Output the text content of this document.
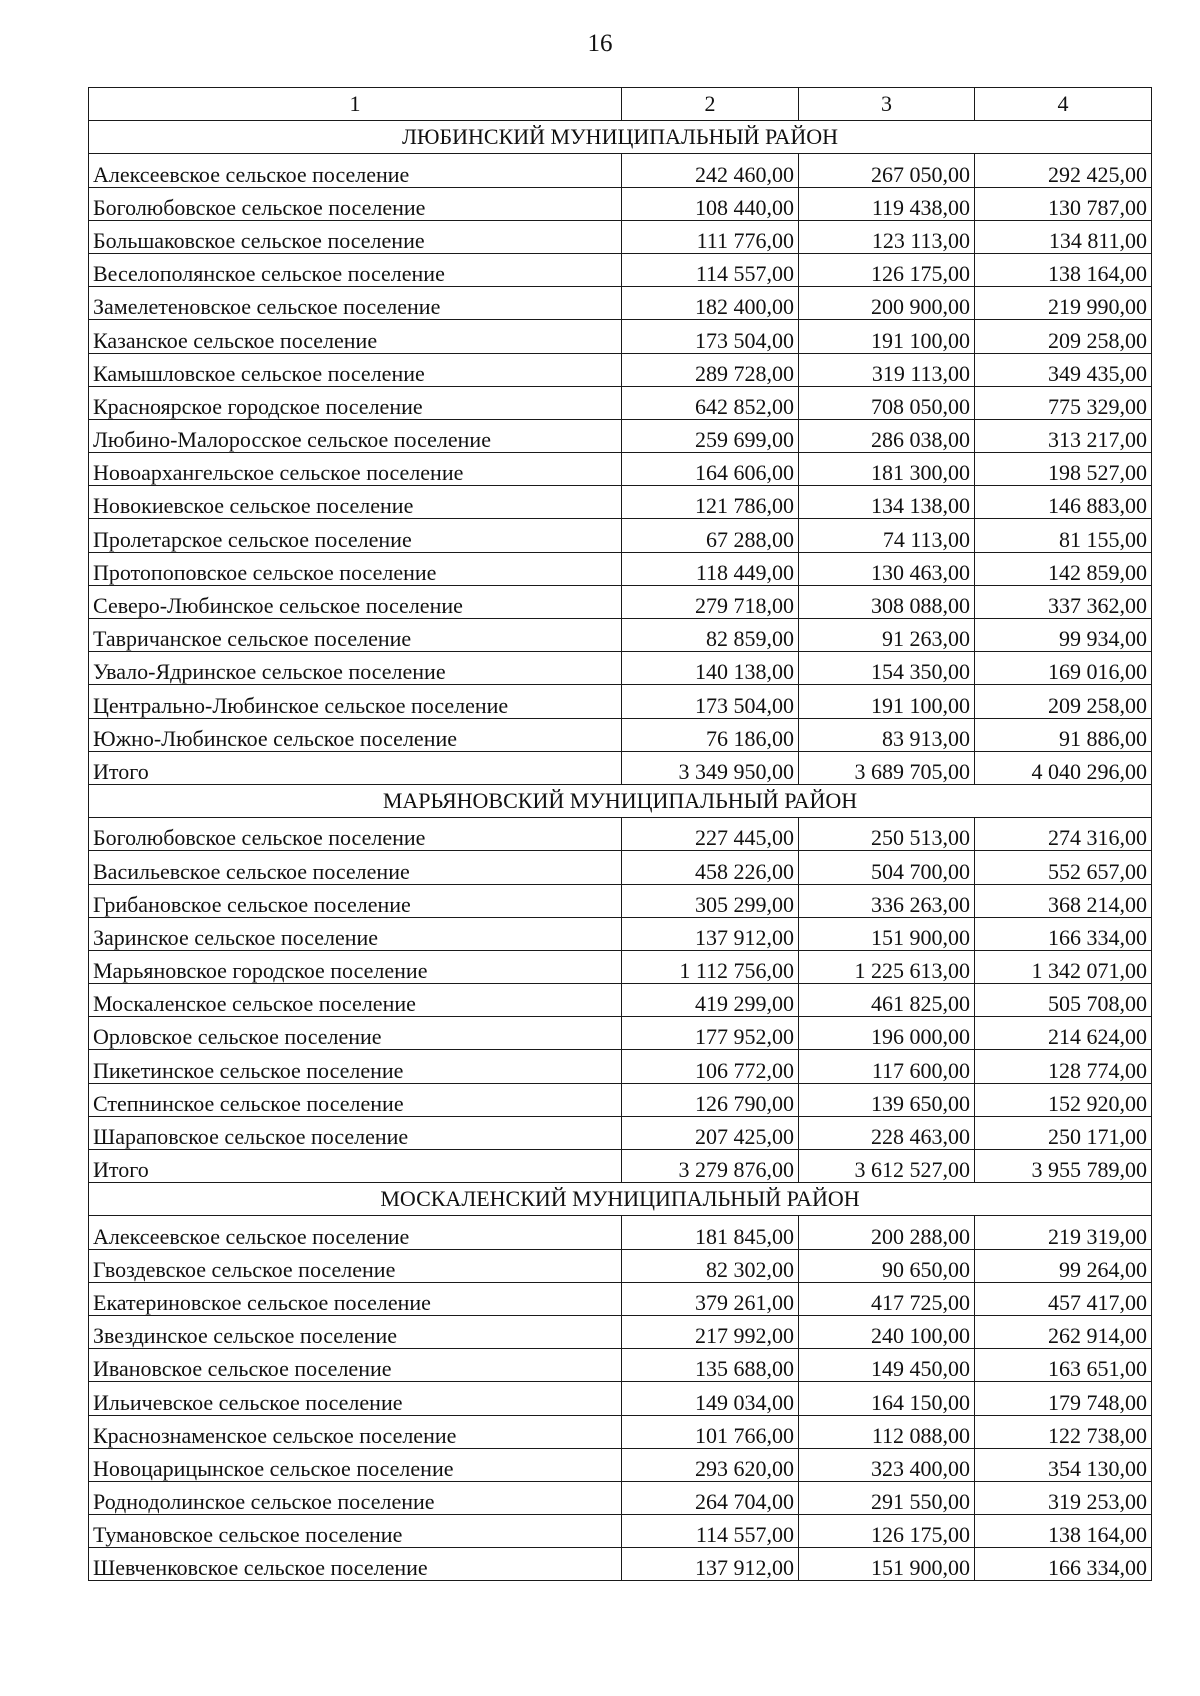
16
1	2	3	4
ЛЮБИНСКИЙ МУНИЦИПАЛЬНЫЙ РАЙОН			
Алексеевское сельское поселение	242 460,00	267 050,00	292 425,00
Боголюбовское сельское поселение	108 440,00	119 438,00	130 787,00
Большаковское сельское поселение	111 776,00	123 113,00	134 811,00
Веселополянское сельское поселение	114 557,00	126 175,00	138 164,00
Замелетеновское сельское поселение	182 400,00	200 900,00	219 990,00
Казанское сельское поселение	173 504,00	191 100,00	209 258,00
Камышловское сельское поселение	289 728,00	319 113,00	349 435,00
Красноярское городское поселение	642 852,00	708 050,00	775 329,00
Любино-Малоросское сельское поселение	259 699,00	286 038,00	313 217,00
Новоархангельское сельское поселение	164 606,00	181 300,00	198 527,00
Новокиевское сельское поселение	121 786,00	134 138,00	146 883,00
Пролетарское сельское поселение	67 288,00	74 113,00	81 155,00
Протопоповское сельское поселение	118 449,00	130 463,00	142 859,00
Северо-Любинское сельское поселение	279 718,00	308 088,00	337 362,00
Тавричанское сельское поселение	82 859,00	91 263,00	99 934,00
Увало-Ядринское сельское поселение	140 138,00	154 350,00	169 016,00
Центрально-Любинское сельское поселение	173 504,00	191 100,00	209 258,00
Южно-Любинское сельское поселение	76 186,00	83 913,00	91 886,00
Итого	3 349 950,00	3 689 705,00	4 040 296,00
МАРЬЯНОВСКИЙ МУНИЦИПАЛЬНЫЙ РАЙОН			
Боголюбовское сельское поселение	227 445,00	250 513,00	274 316,00
Васильевское сельское поселение	458 226,00	504 700,00	552 657,00
Грибановское сельское поселение	305 299,00	336 263,00	368 214,00
Заринское сельское поселение	137 912,00	151 900,00	166 334,00
Марьяновское городское поселение	1 112 756,00	1 225 613,00	1 342 071,00
Москаленское сельское поселение	419 299,00	461 825,00	505 708,00
Орловское сельское поселение	177 952,00	196 000,00	214 624,00
Пикетинское сельское поселение	106 772,00	117 600,00	128 774,00
Степнинское сельское поселение	126 790,00	139 650,00	152 920,00
Шараповское сельское поселение	207 425,00	228 463,00	250 171,00
Итого	3 279 876,00	3 612 527,00	3 955 789,00
МОСКАЛЕНСКИЙ МУНИЦИПАЛЬНЫЙ РАЙОН			
Алексеевское сельское поселение	181 845,00	200 288,00	219 319,00
Гвоздевское сельское поселение	82 302,00	90 650,00	99 264,00
Екатериновское сельское поселение	379 261,00	417 725,00	457 417,00
Звездинское сельское поселение	217 992,00	240 100,00	262 914,00
Ивановское сельское поселение	135 688,00	149 450,00	163 651,00
Ильичевское сельское поселение	149 034,00	164 150,00	179 748,00
Краснознаменское сельское поселение	101 766,00	112 088,00	122 738,00
Новоцарицынское сельское поселение	293 620,00	323 400,00	354 130,00
Роднодолинское сельское поселение	264 704,00	291 550,00	319 253,00
Тумановское сельское поселение	114 557,00	126 175,00	138 164,00
Шевченковское сельское поселение	137 912,00	151 900,00	166 334,00
